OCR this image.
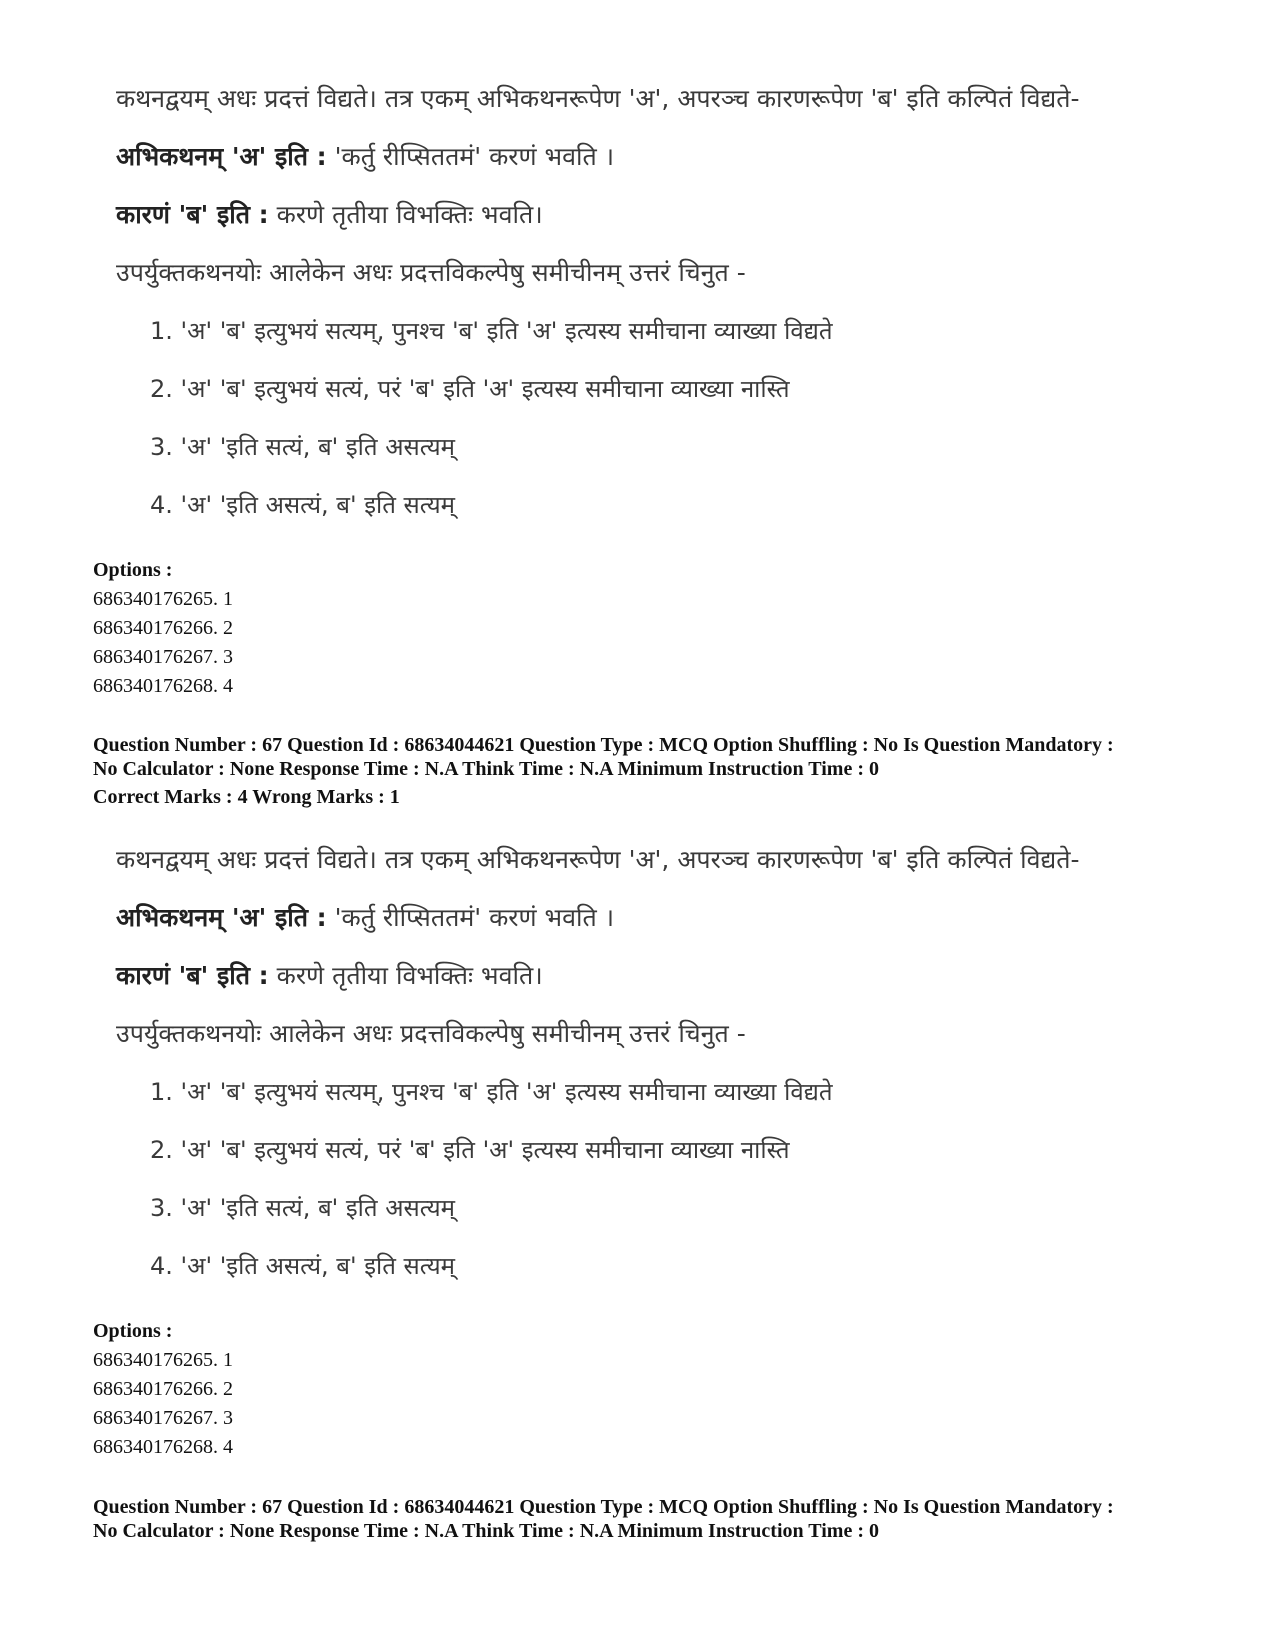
कथनद्वयम् अधः प्रदत्तं विद्यते। तत्र एकम् अभिकथनरूपेण 'अ', अपरञ्च कारणरूपेण 'ब' इति कल्पितं विद्यते-
अभिकथनम् 'अ' इति : 'कर्तु रीप्सिततमं' करणं भवति ।
कारणं 'ब' इति : करणे तृतीया विभक्तिः भवति।
उपर्युक्तकथनयोः आलेकेन अधः प्रदत्तविकल्पेषु समीचीनम् उत्तरं चिनुत -
1. 'अ' 'ब' इत्युभयं सत्यम्, पुनश्च 'ब' इति 'अ' इत्यस्य समीचाना व्याख्या विद्यते
2. 'अ' 'ब' इत्युभयं सत्यं, परं 'ब' इति 'अ' इत्यस्य समीचाना व्याख्या नास्ति
3. 'अ' 'इति सत्यं, ब' इति असत्यम्
4. 'अ' 'इति असत्यं, ब' इति सत्यम्
Options :
686340176265. 1
686340176266. 2
686340176267. 3
686340176268. 4
Question Number : 67 Question Id : 68634044621 Question Type : MCQ Option Shuffling : No Is Question Mandatory :
No Calculator : None Response Time : N.A Think Time : N.A Minimum Instruction Time : 0
Correct Marks : 4 Wrong Marks : 1
कथनद्वयम् अधः प्रदत्तं विद्यते। तत्र एकम् अभिकथनरूपेण 'अ', अपरञ्च कारणरूपेण 'ब' इति कल्पितं विद्यते-
अभिकथनम् 'अ' इति : 'कर्तु रीप्सिततमं' करणं भवति ।
कारणं 'ब' इति : करणे तृतीया विभक्तिः भवति।
उपर्युक्तकथनयोः आलेकेन अधः प्रदत्तविकल्पेषु समीचीनम् उत्तरं चिनुत -
1. 'अ' 'ब' इत्युभयं सत्यम्, पुनश्च 'ब' इति 'अ' इत्यस्य समीचाना व्याख्या विद्यते
2. 'अ' 'ब' इत्युभयं सत्यं, परं 'ब' इति 'अ' इत्यस्य समीचाना व्याख्या नास्ति
3. 'अ' 'इति सत्यं, ब' इति असत्यम्
4. 'अ' 'इति असत्यं, ब' इति सत्यम्
Options :
686340176265. 1
686340176266. 2
686340176267. 3
686340176268. 4
Question Number : 67 Question Id : 68634044621 Question Type : MCQ Option Shuffling : No Is Question Mandatory :
No Calculator : None Response Time : N.A Think Time : N.A Minimum Instruction Time : 0
